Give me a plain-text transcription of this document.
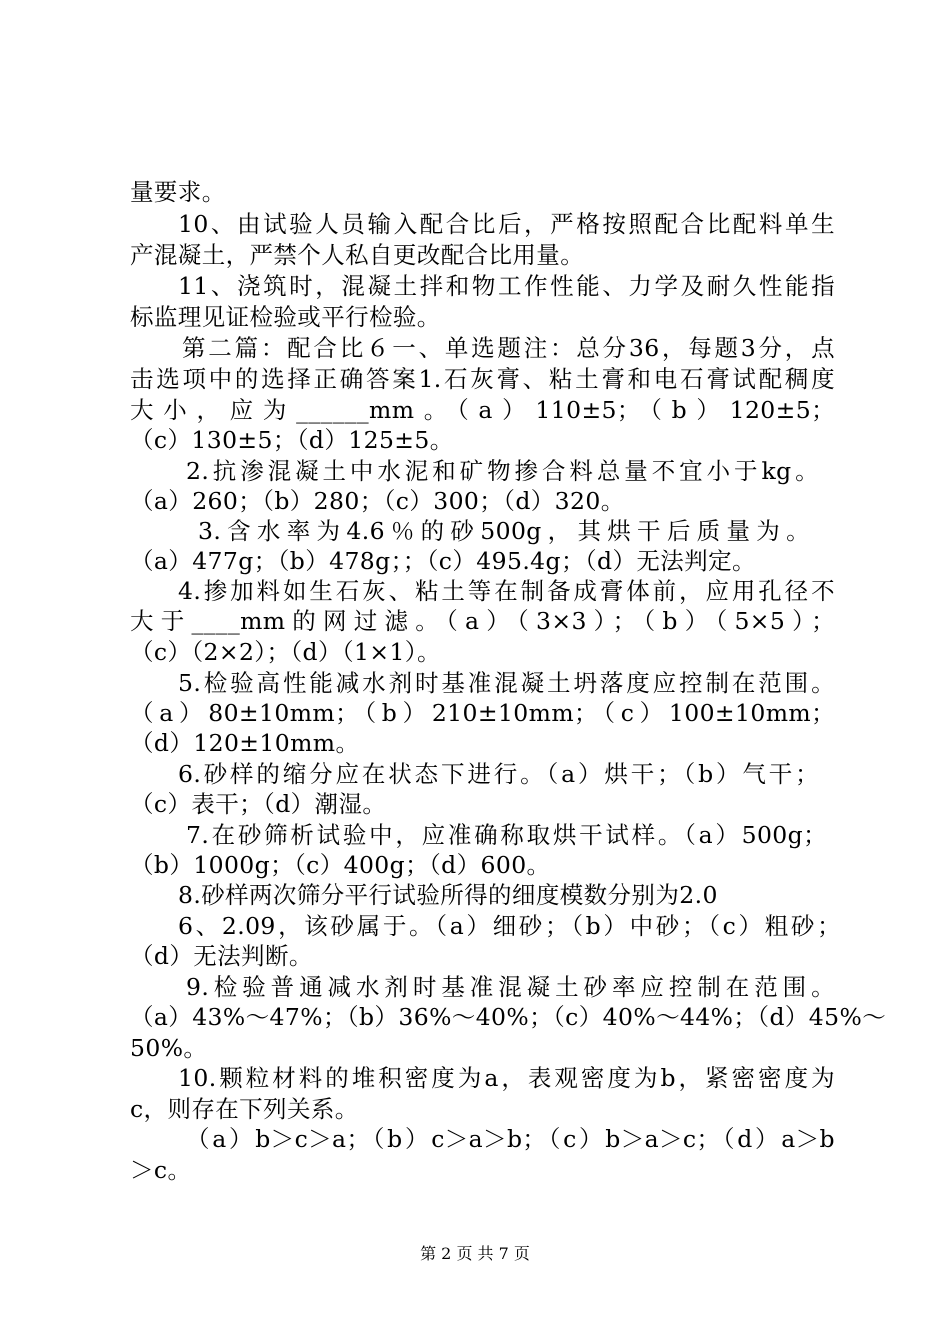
量要求。
10、由试验人员输入配合比后，严格按照配合比配料单生
产混凝土，严禁个人私自更改配合比用量。
11、浇筑时，混凝土拌和物工作性能、力学及耐久性能指
标监理见证检验或平行检验。
第二篇：配合比６一、单选题注：总分36，每题3分，点
击选项中的选择正确答案1.石灰膏、粘土膏和电石膏试配稠度
大小，应为______mm。（a）110±5；（b）120±5；
（c）130±5；（d）125±5。
2.抗渗混凝土中水泥和矿物掺合料总量不宜小于kg。
（a）260；（b）280；（c）300；（d）320。
3.含水率为4.6％的砂500g，其烘干后质量为。
（a）477g；（b）478g；；（c）495.4g；（d）无法判定。
4.掺加料如生石灰、粘土等在制备成膏体前，应用孔径不
大于____mm的网过滤。（a）（3×3）；（b）（5×5）；
（c）（2×2）；（d）（1×1）。
5.检验高性能减水剂时基准混凝土坍落度应控制在范围。
（a）80±10mm；（b）210±10mm；（c）100±10mm；
（d）120±10mm。
6.砂样的缩分应在状态下进行。（a）烘干；（b）气干；
（c）表干；（d）潮湿。
7.在砂筛析试验中，应准确称取烘干试样。（a）500g；
（b）1000g；（c）400g；（d）600。
8.砂样两次筛分平行试验所得的细度模数分别为2.0
6、2.09，该砂属于。（a）细砂；（b）中砂；（c）粗砂；
（d）无法判断。
9.检验普通减水剂时基准混凝土砂率应控制在范围。
（a）43%～47%；（b）36%～40%；（c）40%～44%；（d）45%～
50%。
10.颗粒材料的堆积密度为a，表观密度为b，紧密密度为
c，则存在下列关系。
（a）b＞c＞a；（b）c＞a＞b；（c）b＞a＞c；（d）a＞b
＞c。
第 2 页 共 7 页
